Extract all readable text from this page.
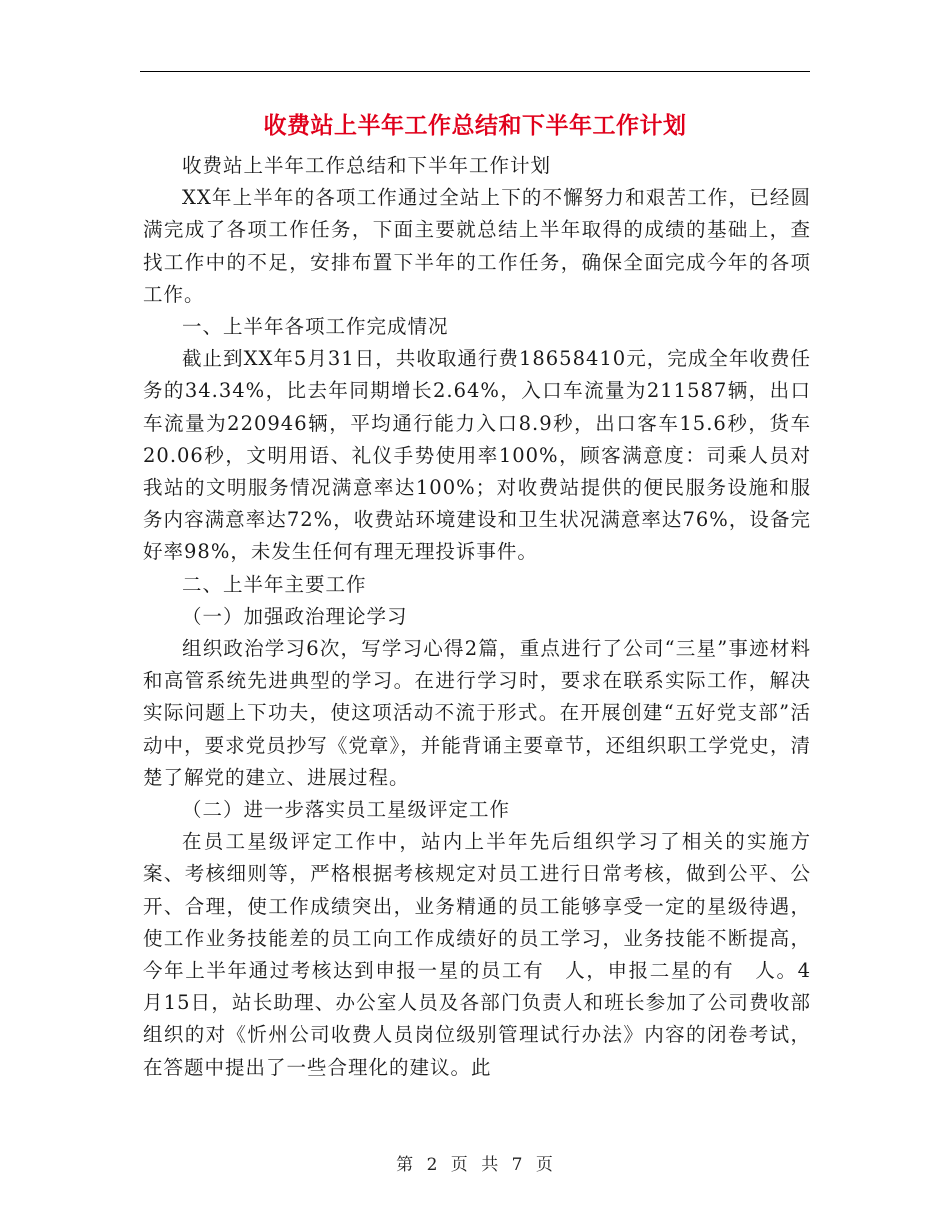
收费站上半年工作总结和下半年工作计划

收费站上半年工作总结和下半年工作计划

XX年上半年的各项工作通过全站上下的不懈努力和艰苦工作，已经圆满完成了各项工作任务，下面主要就总结上半年取得的成绩的基础上，查找工作中的不足，安排布置下半年的工作任务，确保全面完成今年的各项工作。

一、上半年各项工作完成情况

截止到XX年5月31日，共收取通行费18658410元，完成全年收费任务的34.34%，比去年同期增长2.64%，入口车流量为211587辆，出口车流量为220946辆，平均通行能力入口8.9秒，出口客车15.6秒，货车 20.06秒，文明用语、礼仪手势使用率100%，顾客满意度：司乘人员对我站的文明服务情况满意率达100%；对收费站提供的便民服务设施和服务内容满意率达72%，收费站环境建设和卫生状况满意率达76%，设备完好率98%，未发生任何有理无理投诉事件。

二、上半年主要工作

（一）加强政治理论学习

组织政治学习6次，写学习心得2篇，重点进行了公司“三星”事迹材料和高管系统先进典型的学习。在进行学习时，要求在联系实际工作，解决实际问题上下功夫，使这项活动不流于形式。在开展创建“五好党支部”活动中，要求党员抄写《党章》，并能背诵主要章节，还组织职工学党史，清楚了解党的建立、进展过程。

（二）进一步落实员工星级评定工作

在员工星级评定工作中，站内上半年先后组织学习了相关的实施方案、考核细则等，严格根据考核规定对员工进行日常考核，做到公平、公开、合理，使工作成绩突出，业务精通的员工能够享受一定的星级待遇，使工作业务技能差的员工向工作成绩好的员工学习，业务技能不断提高，今年上半年通过考核达到申报一星的员工有　人，申报二星的有　人。4月15日，站长助理、办公室人员及各部门负责人和班长参加了公司费收部组织的对《忻州公司收费人员岗位级别管理试行办法》内容的闭卷考试，在答题中提出了一些合理化的建议。此

第 2 页 共 7 页
